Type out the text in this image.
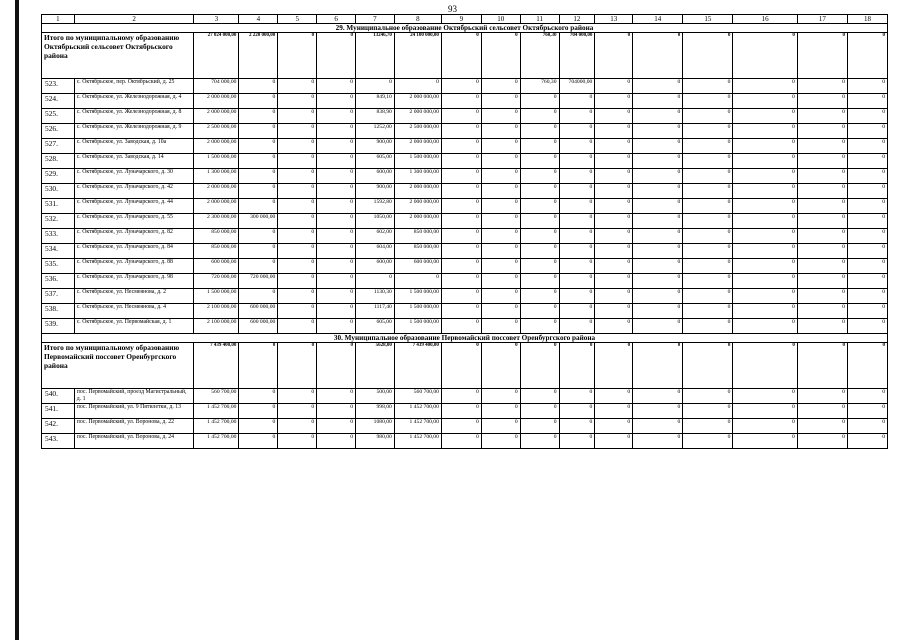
93
1	2	3	4	5	6	7	8	9	10	11	12	13	14	15	16	17	18
29. Муниципальное образование Октябрьский сельсовет Октябрьского района																	
Итого по муниципальному образованию Октябрьский сельсовет Октябрьского района		27 024 000,00	2 220 000,00	0	0	13246,70	24 100 000,00	0	0	760,30	704 000,00	0	0	0	0	0	0
523.	с. Октябрьское, пер. Октябрьский, д. 25	704 000,00	0	0	0	0	0	0	0	760,30	704000,00	0	0	0	0	0	0
524.	с. Октябрьское, ул. Железнодорожная, д. 4	2 000 000,00	0	0	0	849,10	2 000 000,00	0	0	0	0	0	0	0	0	0	0
525.	с. Октябрьское, ул. Железнодорожная, д. 8	2 000 000,00	0	0	0	838,90	2 000 000,00	0	0	0	0	0	0	0	0	0	0
526.	с. Октябрьское, ул. Железнодорожная, д. 9	2 500 000,00	0	0	0	1252,00	2 500 000,00	0	0	0	0	0	0	0	0	0	0
527.	с. Октябрьское, ул. Заводская, д. 10а	2 000 000,00	0	0	0	900,00	2 000 000,00	0	0	0	0	0	0	0	0	0	0
528.	с. Октябрьское, ул. Заводская, д. 14	1 500 000,00	0	0	0	605,00	1 500 000,00	0	0	0	0	0	0	0	0	0	0
529.	с. Октябрьское, ул. Луначарского, д. 30	1 300 000,00	0	0	0	600,00	1 300 000,00	0	0	0	0	0	0	0	0	0	0
530.	с. Октябрьское, ул. Луначарского, д. 42	2 000 000,00	0	0	0	900,00	2 000 000,00	0	0	0	0	0	0	0	0	0	0
531.	с. Октябрьское, ул. Луначарского, д. 44	2 000 000,00	0	0	0	1592,80	2 000 000,00	0	0	0	0	0	0	0	0	0	0
532.	с. Октябрьское, ул. Луначарского, д. 55	2 300 000,00	300 000,00	0	0	1050,00	2 000 000,00	0	0	0	0	0	0	0	0	0	0
533.	с. Октябрьское, ул. Луначарского, д. 82	850 000,00	0	0	0	602,00	850 000,00	0	0	0	0	0	0	0	0	0	0
534.	с. Октябрьское, ул. Луначарского, д. 84	850 000,00	0	0	0	604,00	850 000,00	0	0	0	0	0	0	0	0	0	0
535.	с. Октябрьское, ул. Луначарского, д. 88	600 000,00	0	0	0	600,00	600 000,00	0	0	0	0	0	0	0	0	0	0
536.	с. Октябрьское, ул. Луначарского, д. 98	720 000,00	720 000,00	0	0	0	0	0	0	0	0	0	0	0	0	0	0
537.	с. Октябрьское, ул. Несмеянова, д. 2	1 500 000,00	0	0	0	1130,30	1 500 000,00	0	0	0	0	0	0	0	0	0	0
538.	с. Октябрьское, ул. Несмеянова, д. 4	2 100 000,00	600 000,00	0	0	1117,40	1 500 000,00	0	0	0	0	0	0	0	0	0	0
539.	с. Октябрьское, ул. Первомайская, д. 1	2 100 000,00	600 000,00	0	0	605,00	1 500 000,00	0	0	0	0	0	0	0	0	0	0
30. Муниципальное образование Первомайский поссовет Оренбургского района																	
Итого по муниципальному образованию Первомайский поссовет Оренбургского района		7 439 400,00	0	0	0	5628,00	7 439 400,00	0	0	0	0	0	0	0	0	0	0
540.	пос. Первомайский, проезд Магистральный, д. 1	560 700,00	0	0	0	500,00	560 700,00	0	0	0	0	0	0	0	0	0	0
541.	пос. Первомайский, ул. 9 Пятилетки, д. 13	1 452 700,00	0	0	0	998,00	1 452 700,00	0	0	0	0	0	0	0	0	0	0
542.	пос. Первомайский, ул. Воронова, д. 22	1 452 700,00	0	0	0	1080,00	1 452 700,00	0	0	0	0	0	0	0	0	0	0
543.	пос. Первомайский, ул. Воронова, д. 24	1 452 700,00	0	0	0	980,00	1 452 700,00	0	0	0	0	0	0	0	0	0	0
